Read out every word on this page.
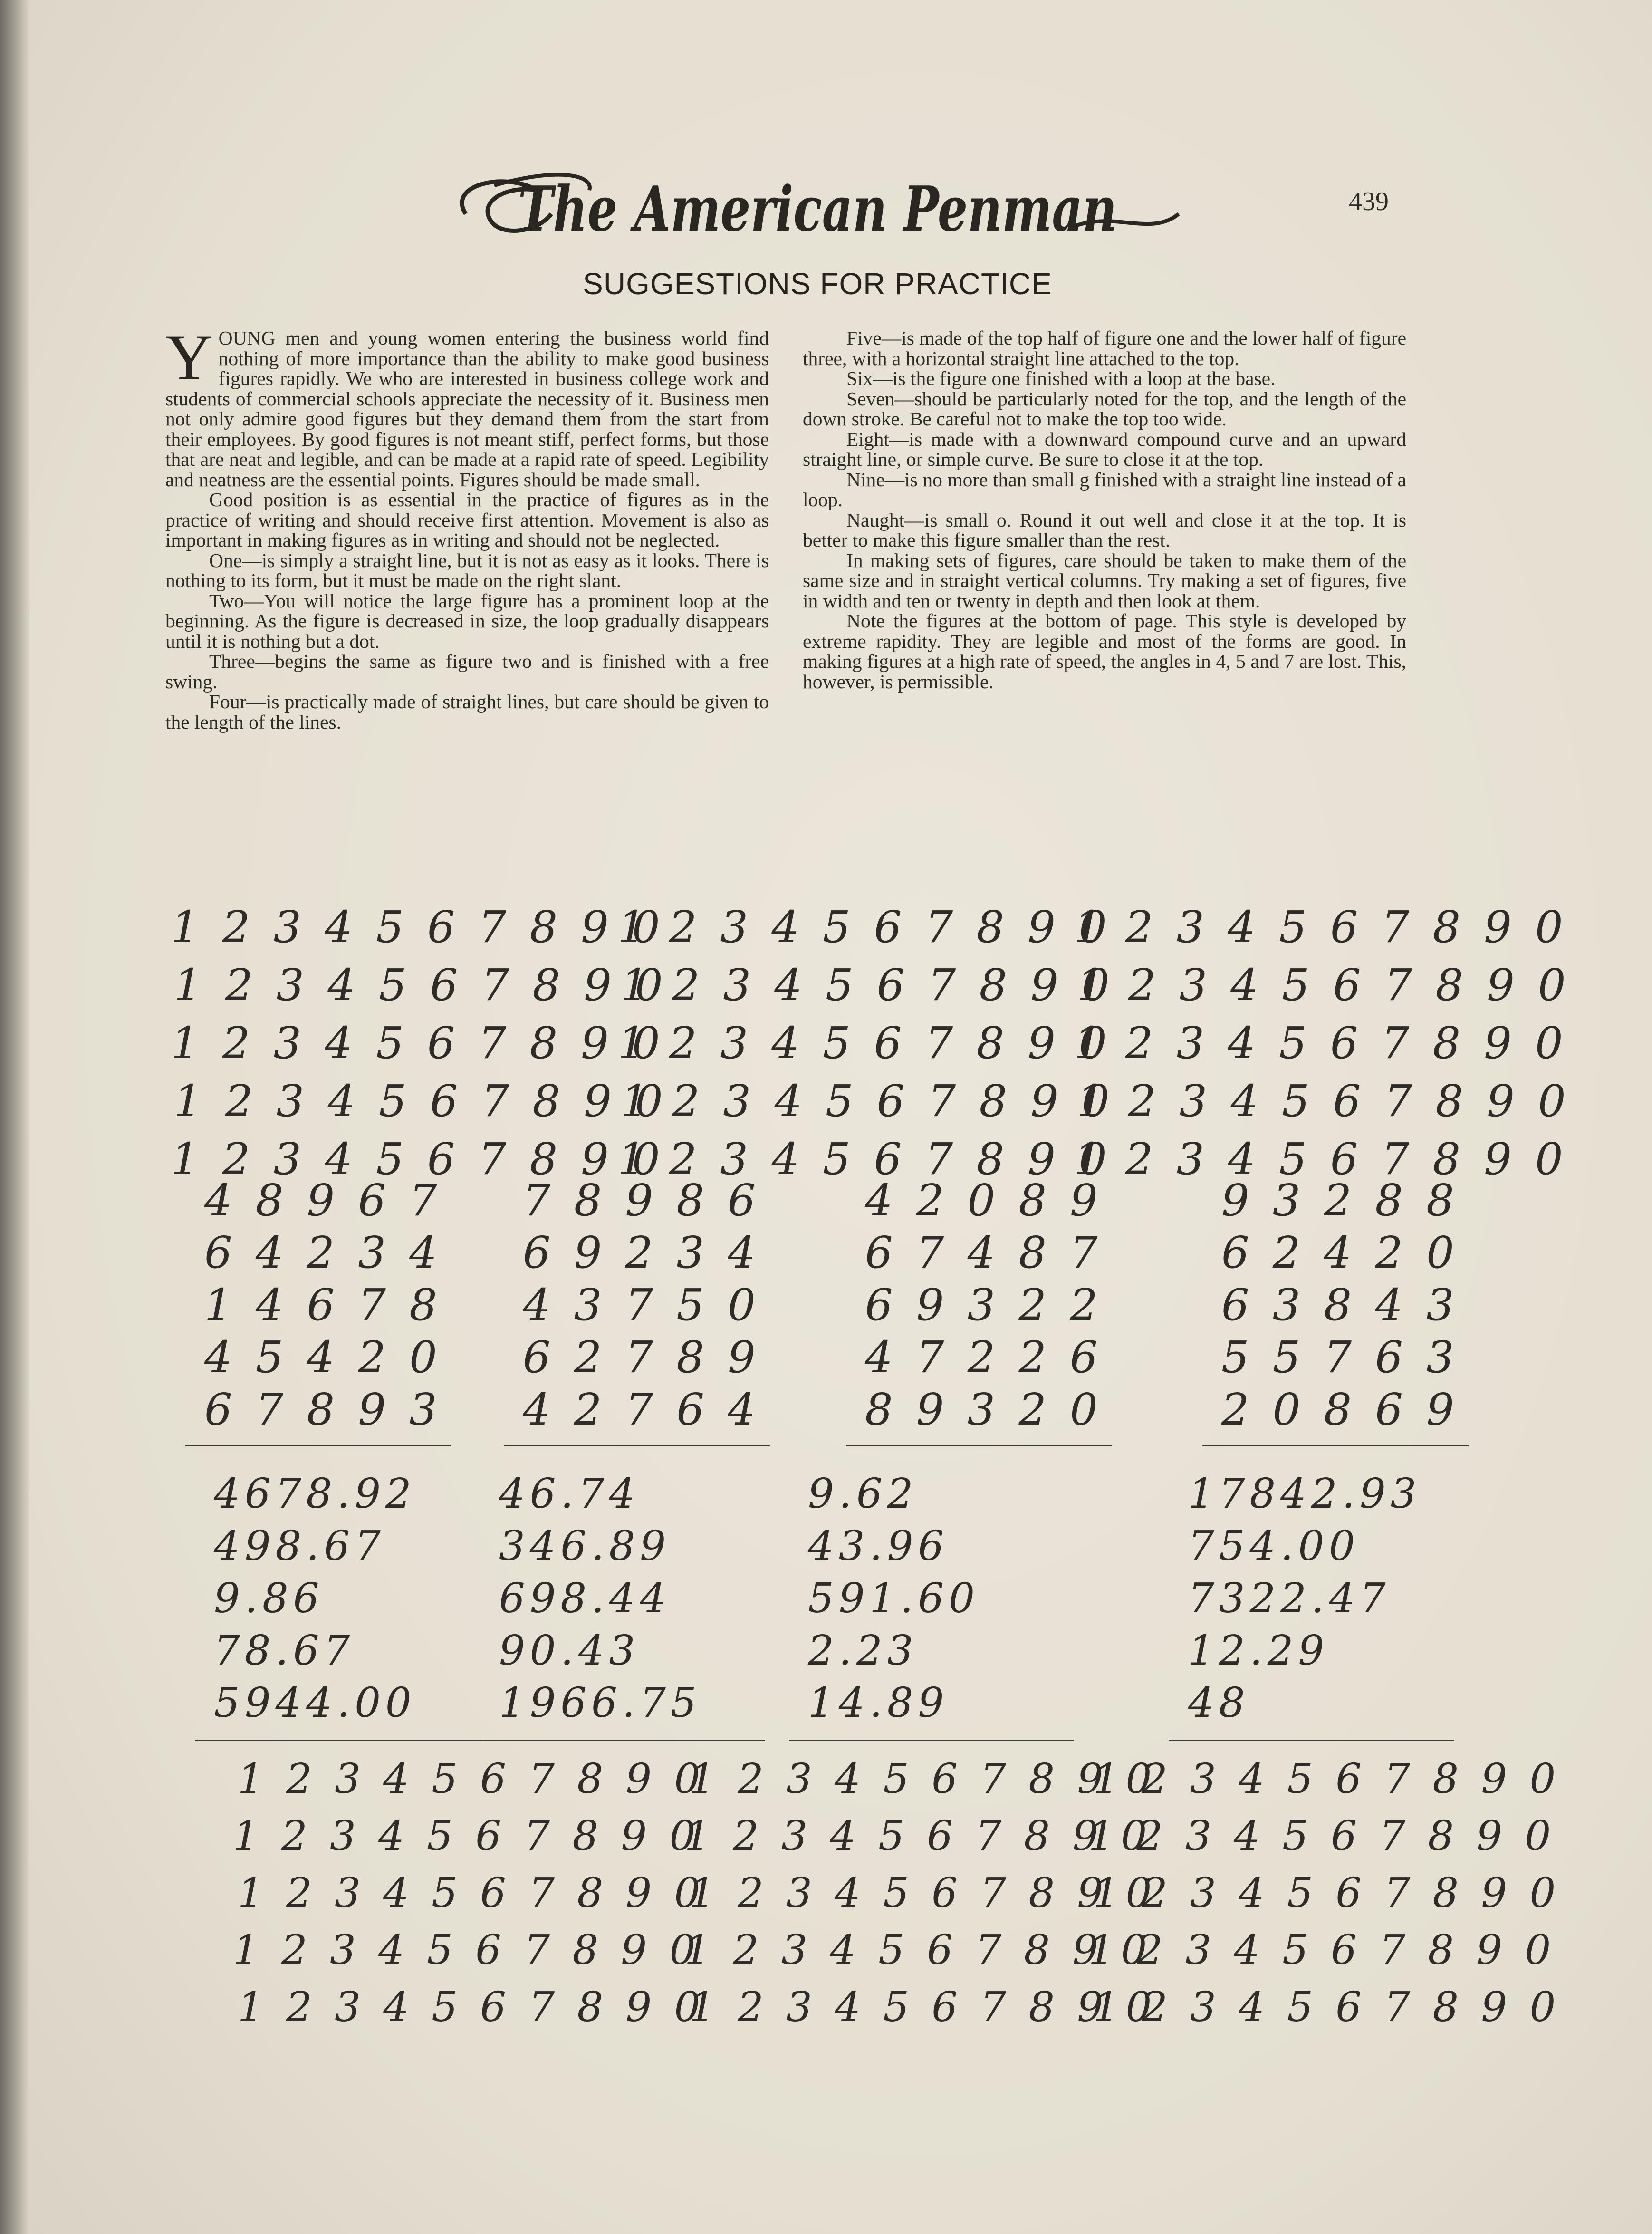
The American Penman	439
SUGGESTIONS FOR PRACTICE

YOUNG men and young women entering the business world find nothing of more importance than the ability to make good business figures rapidly. We who are interested in business college work and students of commercial schools appreciate the necessity of it. Business men not only admire good figures but they demand them from the start from their employees. By good figures is not meant stiff, perfect forms, but those that are neat and legible, and can be made at a rapid rate of speed. Legibility and neatness are the essential points. Figures should be made small.

Good position is as essential in the practice of figures as in the practice of writing and should receive first attention. Movement is also as important in making figures as in writing and should not be neglected.

One—is simply a straight line, but it is not as easy as it looks. There is nothing to its form, but it must be made on the right slant.

Two—You will notice the large figure has a prominent loop at the beginning. As the figure is decreased in size, the loop gradually disappears until it is nothing but a dot.

Three—begins the same as figure two and is finished with a free swing.

Four—is practically made of straight lines, but care should be given to the length of the lines.

Five—is made of the top half of figure one and the lower half of figure three, with a horizontal straight line attached to the top.

Six—is the figure one finished with a loop at the base.

Seven—should be particularly noted for the top, and the length of the down stroke. Be careful not to make the top too wide.

Eight—is made with a downward compound curve and an upward straight line, or simple curve. Be sure to close it at the top.

Nine—is no more than small g finished with a straight line instead of a loop.

Naught—is small o. Round it out well and close it at the top. It is better to make this figure smaller than the rest.

In making sets of figures, care should be taken to make them of the same size and in straight vertical columns. Try making a set of figures, five in width and ten or twenty in depth and then look at them.

Note the figures at the bottom of page. This style is developed by extreme rapidity. They are legible and most of the forms are good. In making figures at a high rate of speed, the angles in 4, 5 and 7 are lost. This, however, is permissible.

1 2 3 4 5 6 7 8 9 0
1 2 3 4 5 6 7 8 9 0
1 2 3 4 5 6 7 8 9 0
1 2 3 4 5 6 7 8 9 0
1 2 3 4 5 6 7 8 9 0
1 2 3 4 5 6 7 8 9 0
1 2 3 4 5 6 7 8 9 0
1 2 3 4 5 6 7 8 9 0
1 2 3 4 5 6 7 8 9 0
1 2 3 4 5 6 7 8 9 0
1 2 3 4 5 6 7 8 9 0
1 2 3 4 5 6 7 8 9 0
1 2 3 4 5 6 7 8 9 0
1 2 3 4 5 6 7 8 9 0
1 2 3 4 5 6 7 8 9 0
4 8 9 6 7
6 4 2 3 4
1 4 6 7 8
4 5 4 2 0
6 7 8 9 3
7 8 9 8 6
6 9 2 3 4
4 3 7 5 0
6 2 7 8 9
4 2 7 6 4
4 2 0 8 9
6 7 4 8 7
6 9 3 2 2
4 7 2 2 6
8 9 3 2 0
9 3 2 8 8
6 2 4 2 0
6 3 8 4 3
5 5 7 6 3
2 0 8 6 9
4678.92
498.67
9.86
78.67
5944.00
46.74
346.89
698.44
90.43
1966.75
9.62
43.96
591.60
2.23
14.89
17842.93
754.00
7322.47
12.29
48
1 2 3 4 5 6 7 8 9 0
1 2 3 4 5 6 7 8 9 0
1 2 3 4 5 6 7 8 9 0
1 2 3 4 5 6 7 8 9 0
1 2 3 4 5 6 7 8 9 0
1 2 3 4 5 6 7 8 9 0
1 2 3 4 5 6 7 8 9 0
1 2 3 4 5 6 7 8 9 0
1 2 3 4 5 6 7 8 9 0
1 2 3 4 5 6 7 8 9 0
1 2 3 4 5 6 7 8 9 0
1 2 3 4 5 6 7 8 9 0
1 2 3 4 5 6 7 8 9 0
1 2 3 4 5 6 7 8 9 0
1 2 3 4 5 6 7 8 9 0
